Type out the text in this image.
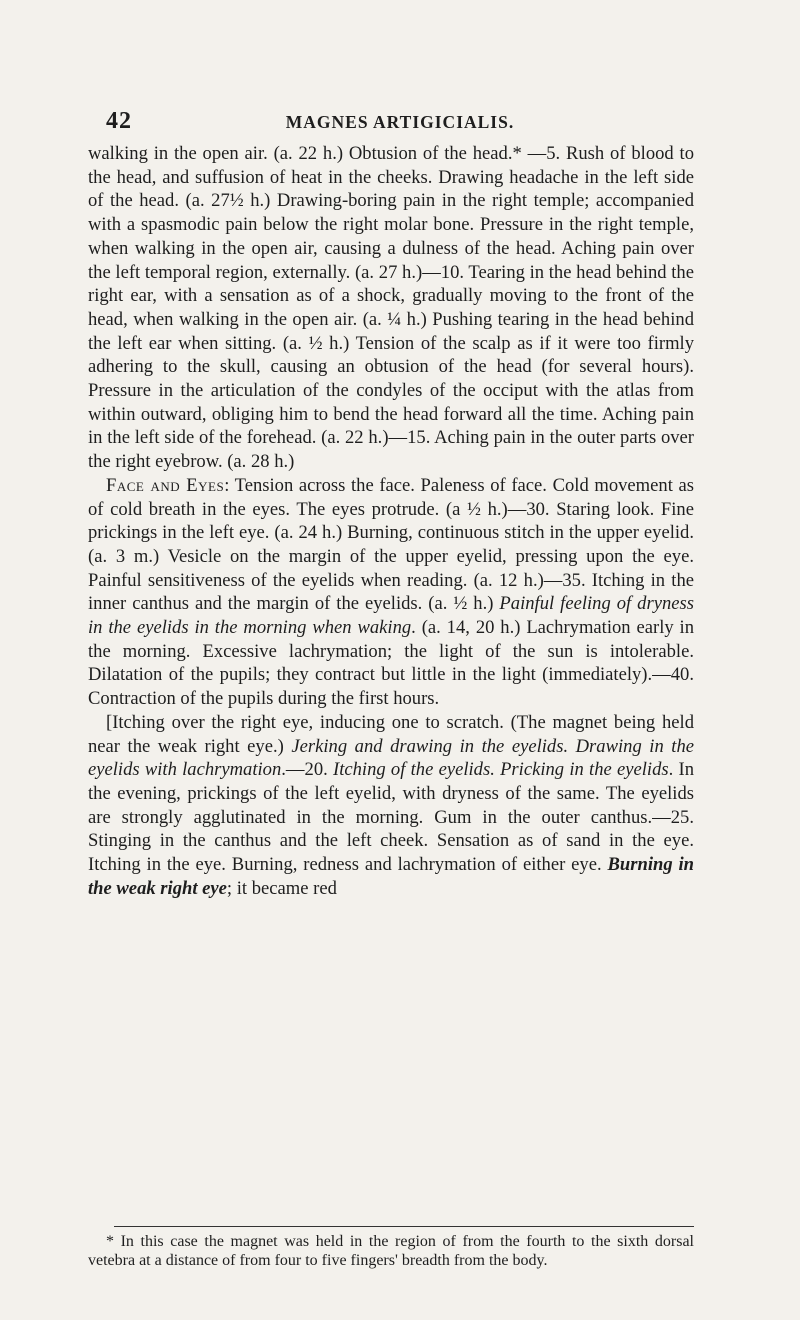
42	MAGNES ARTIGICIALIS.

walking in the open air. (a. 22 h.) Obtusion of the head.* —5. Rush of blood to the head, and suffusion of heat in the cheeks. Drawing headache in the left side of the head. (a. 27½ h.) Drawing-boring pain in the right temple; accompanied with a spasmodic pain below the right molar bone. Pressure in the right temple, when walking in the open air, causing a dulness of the head. Aching pain over the left temporal region, externally. (a. 27 h.)—10. Tearing in the head behind the right ear, with a sensation as of a shock, gradually moving to the front of the head, when walking in the open air. (a. ¼ h.) Pushing tearing in the head behind the left ear when sitting. (a. ½ h.) Tension of the scalp as if it were too firmly adhering to the skull, causing an obtusion of the head (for several hours). Pressure in the articulation of the condyles of the occiput with the atlas from within outward, obliging him to bend the head forward all the time. Aching pain in the left side of the forehead. (a. 22 h.)—15. Aching pain in the outer parts over the right eyebrow. (a. 28 h.)

Face and Eyes: Tension across the face. Paleness of face. Cold movement as of cold breath in the eyes. The eyes protrude. (a ½ h.)—30. Staring look. Fine prickings in the left eye. (a. 24 h.) Burning, continuous stitch in the upper eyelid. (a. 3 m.) Vesicle on the margin of the upper eyelid, pressing upon the eye. Painful sensitiveness of the eyelids when reading. (a. 12 h.)—35. Itching in the inner canthus and the margin of the eyelids. (a. ½ h.) Painful feeling of dryness in the eyelids in the morning when waking. (a. 14, 20 h.) Lachrymation early in the morning. Excessive lachrymation; the light of the sun is intolerable. Dilatation of the pupils; they contract but little in the light (immediately).—40. Contraction of the pupils during the first hours.

[Itching over the right eye, inducing one to scratch. (The magnet being held near the weak right eye.) Jerking and drawing in the eyelids. Drawing in the eyelids with lachrymation.—20. Itching of the eyelids. Pricking in the eyelids. In the evening, prickings of the left eyelid, with dryness of the same. The eyelids are strongly agglutinated in the morning. Gum in the outer canthus.—25. Stinging in the canthus and the left cheek. Sensation as of sand in the eye. Itching in the eye. Burning, redness and lachrymation of either eye. Burning in the weak right eye; it became red

* In this case the magnet was held in the region of from the fourth to the sixth dorsal vetebra at a distance of from four to five fingers' breadth from the body.
